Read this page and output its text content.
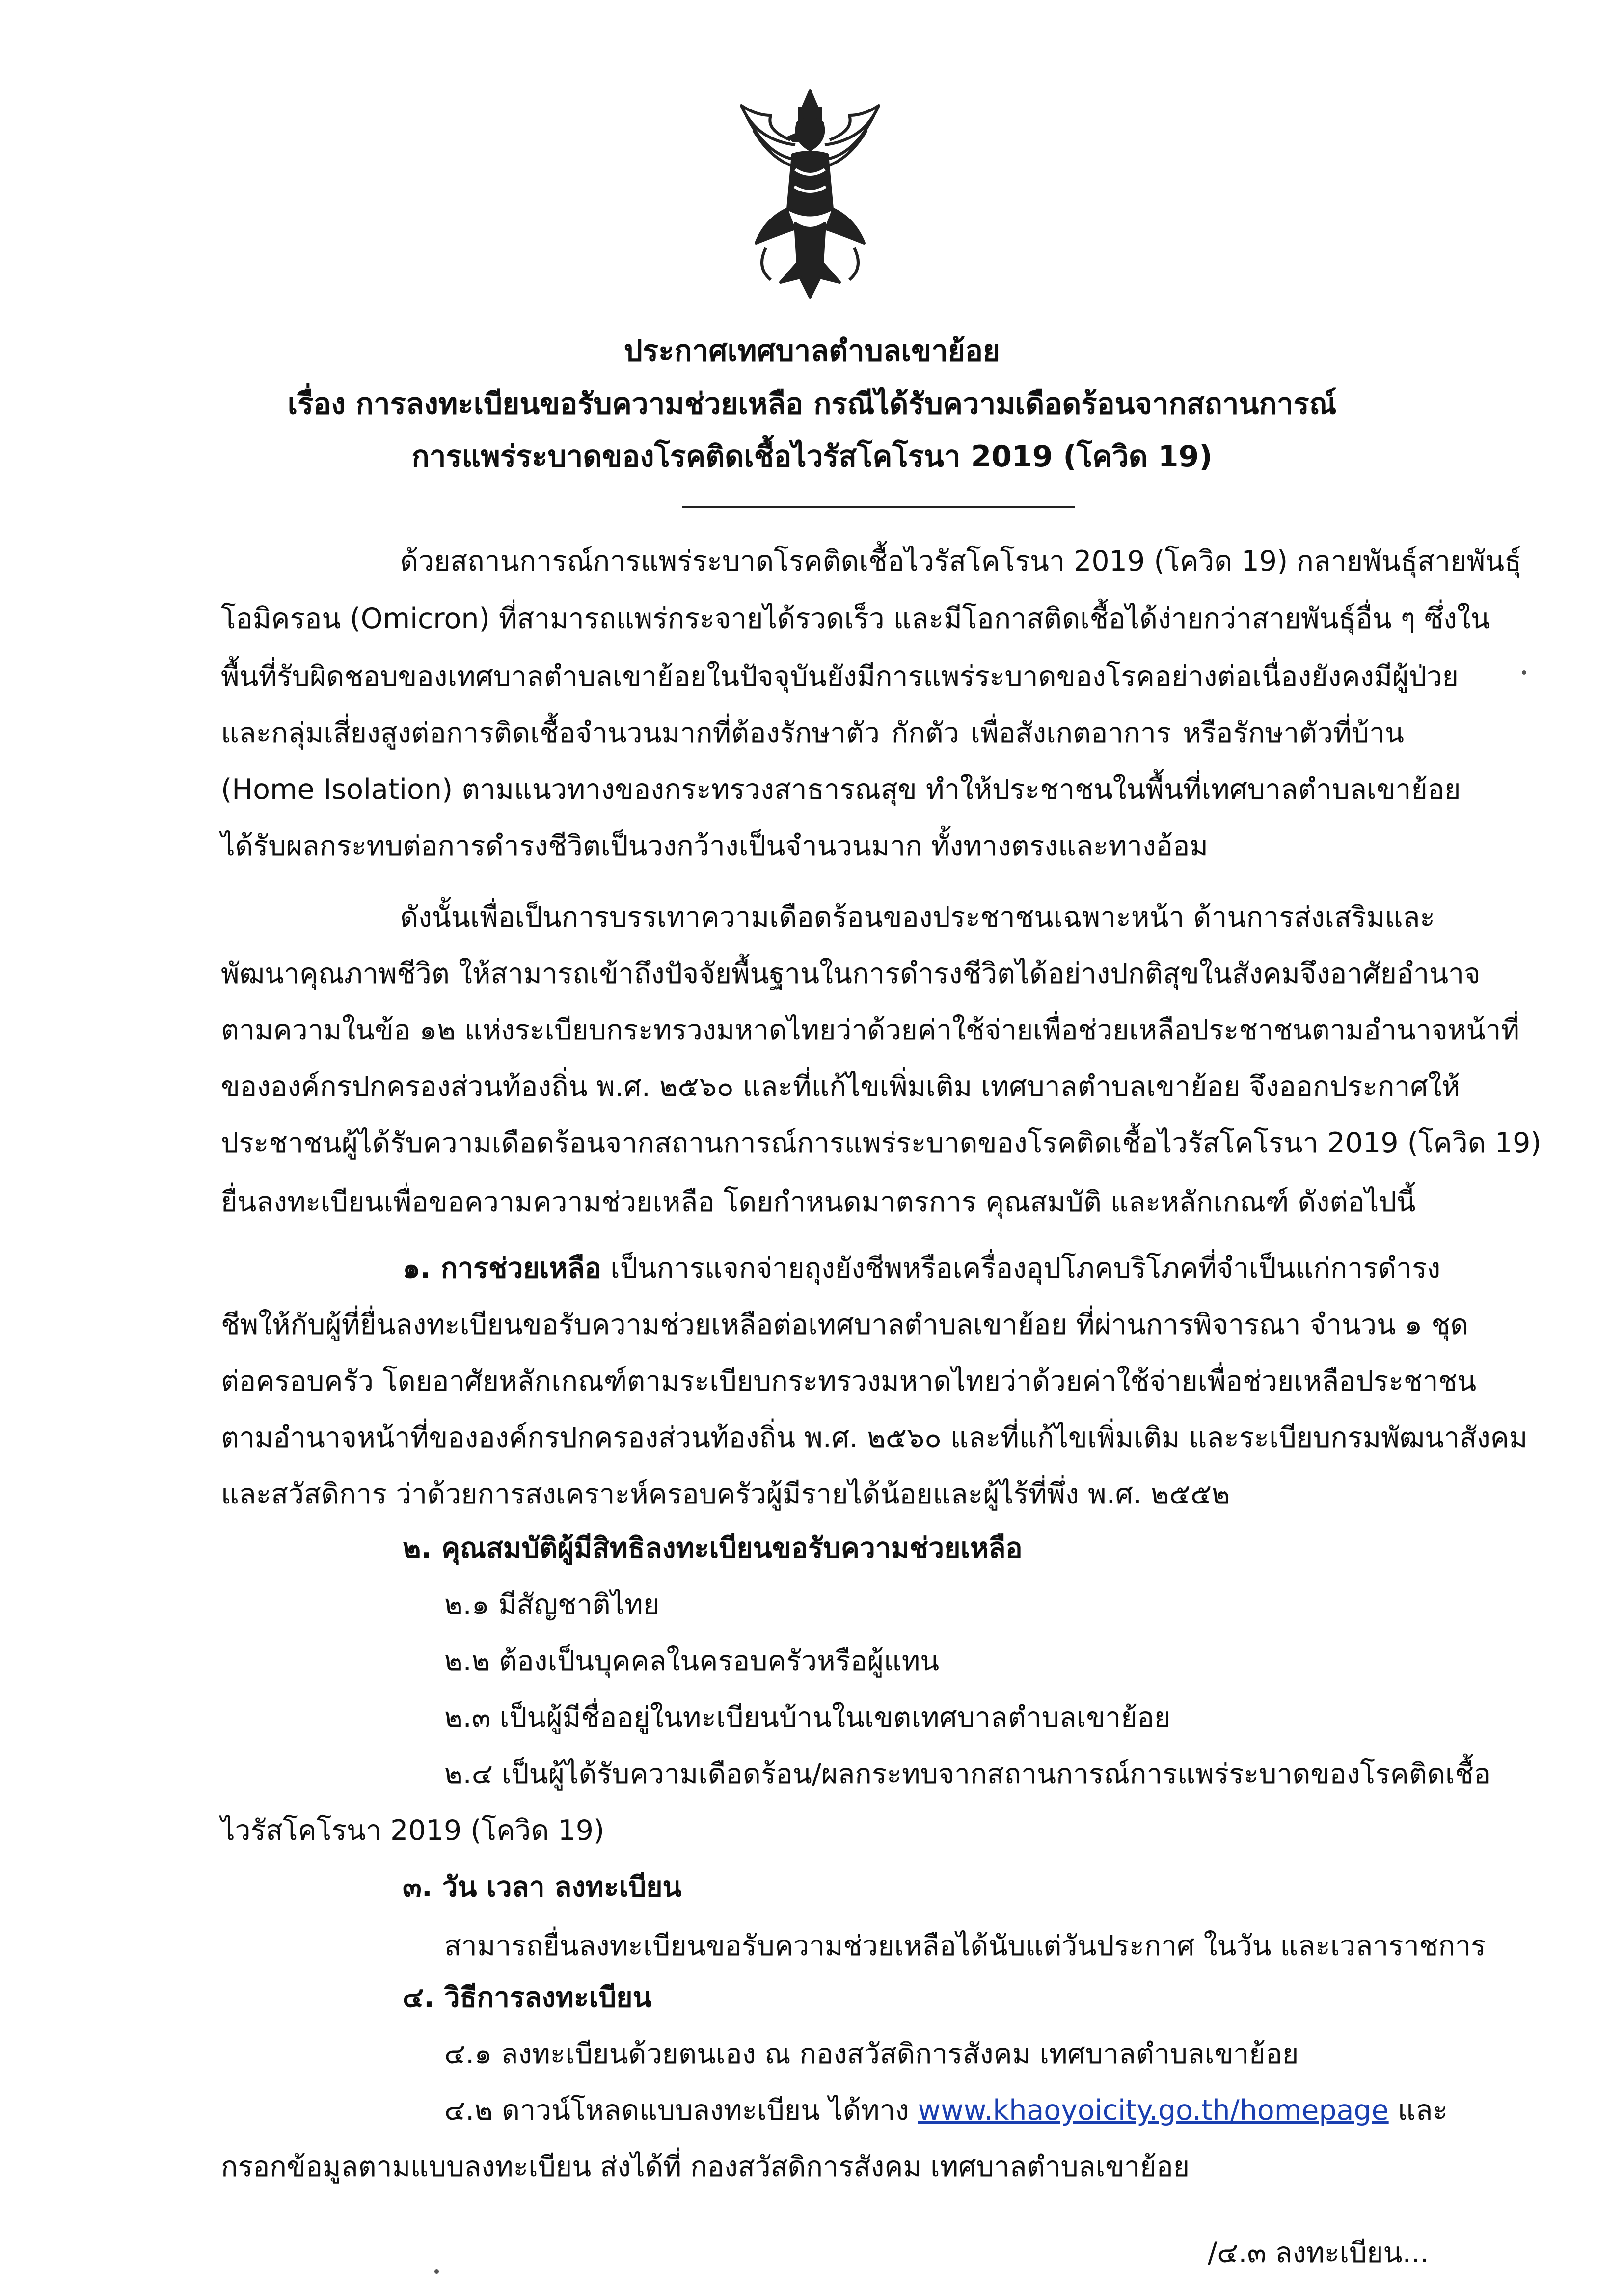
ประกาศเทศบาลตำบลเขาย้อย
เรื่อง การลงทะเบียนขอรับความช่วยเหลือ กรณีได้รับความเดือดร้อนจากสถานการณ์
การแพร่ระบาดของโรคติดเชื้อไวรัสโคโรนา 2019 (โควิด 19)
ด้วยสถานการณ์การแพร่ระบาดโรคติดเชื้อไวรัสโคโรนา 2019 (โควิด 19) กลายพันธุ์สายพันธุ์
โอมิครอน (Omicron) ที่สามารถแพร่กระจายได้รวดเร็ว และมีโอกาสติดเชื้อได้ง่ายกว่าสายพันธุ์อื่น ๆ ซึ่งใน
พื้นที่รับผิดชอบของเทศบาลตำบลเขาย้อยในปัจจุบันยังมีการแพร่ระบาดของโรคอย่างต่อเนื่องยังคงมีผู้ป่วย
และกลุ่มเสี่ยงสูงต่อการติดเชื้อจำนวนมากที่ต้องรักษาตัว กักตัว เพื่อสังเกตอาการ หรือรักษาตัวที่บ้าน
(Home Isolation) ตามแนวทางของกระทรวงสาธารณสุข ทำให้ประชาชนในพื้นที่เทศบาลตำบลเขาย้อย
ได้รับผลกระทบต่อการดำรงชีวิตเป็นวงกว้างเป็นจำนวนมาก ทั้งทางตรงและทางอ้อม
ดังนั้นเพื่อเป็นการบรรเทาความเดือดร้อนของประชาชนเฉพาะหน้า ด้านการส่งเสริมและ
พัฒนาคุณภาพชีวิต ให้สามารถเข้าถึงปัจจัยพื้นฐานในการดำรงชีวิตได้อย่างปกติสุขในสังคมจึงอาศัยอำนาจ
ตามความในข้อ ๑๒ แห่งระเบียบกระทรวงมหาดไทยว่าด้วยค่าใช้จ่ายเพื่อช่วยเหลือประชาชนตามอำนาจหน้าที่
ขององค์กรปกครองส่วนท้องถิ่น พ.ศ. ๒๕๖๐ และที่แก้ไขเพิ่มเติม เทศบาลตำบลเขาย้อย จึงออกประกาศให้
ประชาชนผู้ได้รับความเดือดร้อนจากสถานการณ์การแพร่ระบาดของโรคติดเชื้อไวรัสโคโรนา 2019 (โควิด 19)
ยื่นลงทะเบียนเพื่อขอความความช่วยเหลือ โดยกำหนดมาตรการ คุณสมบัติ และหลักเกณฑ์ ดังต่อไปนี้
๑. การช่วยเหลือ เป็นการแจกจ่ายถุงยังชีพหรือเครื่องอุปโภคบริโภคที่จำเป็นแก่การดำรง
ชีพให้กับผู้ที่ยื่นลงทะเบียนขอรับความช่วยเหลือต่อเทศบาลตำบลเขาย้อย ที่ผ่านการพิจารณา จำนวน ๑ ชุด
ต่อครอบครัว โดยอาศัยหลักเกณฑ์ตามระเบียบกระทรวงมหาดไทยว่าด้วยค่าใช้จ่ายเพื่อช่วยเหลือประชาชน
ตามอำนาจหน้าที่ขององค์กรปกครองส่วนท้องถิ่น พ.ศ. ๒๕๖๐ และที่แก้ไขเพิ่มเติม และระเบียบกรมพัฒนาสังคม
และสวัสดิการ ว่าด้วยการสงเคราะห์ครอบครัวผู้มีรายได้น้อยและผู้ไร้ที่พึ่ง พ.ศ. ๒๕๕๒
๒. คุณสมบัติผู้มีสิทธิลงทะเบียนขอรับความช่วยเหลือ
๒.๑ มีสัญชาติไทย
๒.๒ ต้องเป็นบุคคลในครอบครัวหรือผู้แทน
๒.๓ เป็นผู้มีชื่ออยู่ในทะเบียนบ้านในเขตเทศบาลตำบลเขาย้อย
๒.๔ เป็นผู้ได้รับความเดือดร้อน/ผลกระทบจากสถานการณ์การแพร่ระบาดของโรคติดเชื้อ
ไวรัสโคโรนา 2019 (โควิด 19)
๓. วัน เวลา ลงทะเบียน
สามารถยื่นลงทะเบียนขอรับความช่วยเหลือได้นับแต่วันประกาศ ในวัน และเวลาราชการ
๔. วิธีการลงทะเบียน
๔.๑ ลงทะเบียนด้วยตนเอง ณ กองสวัสดิการสังคม เทศบาลตำบลเขาย้อย
๔.๒ ดาวน์โหลดแบบลงทะเบียน ได้ทาง www.khaoyoicity.go.th/homepage และ
กรอกข้อมูลตามแบบลงทะเบียน ส่งได้ที่ กองสวัสดิการสังคม เทศบาลตำบลเขาย้อย
/๔.๓ ลงทะเบียน...
